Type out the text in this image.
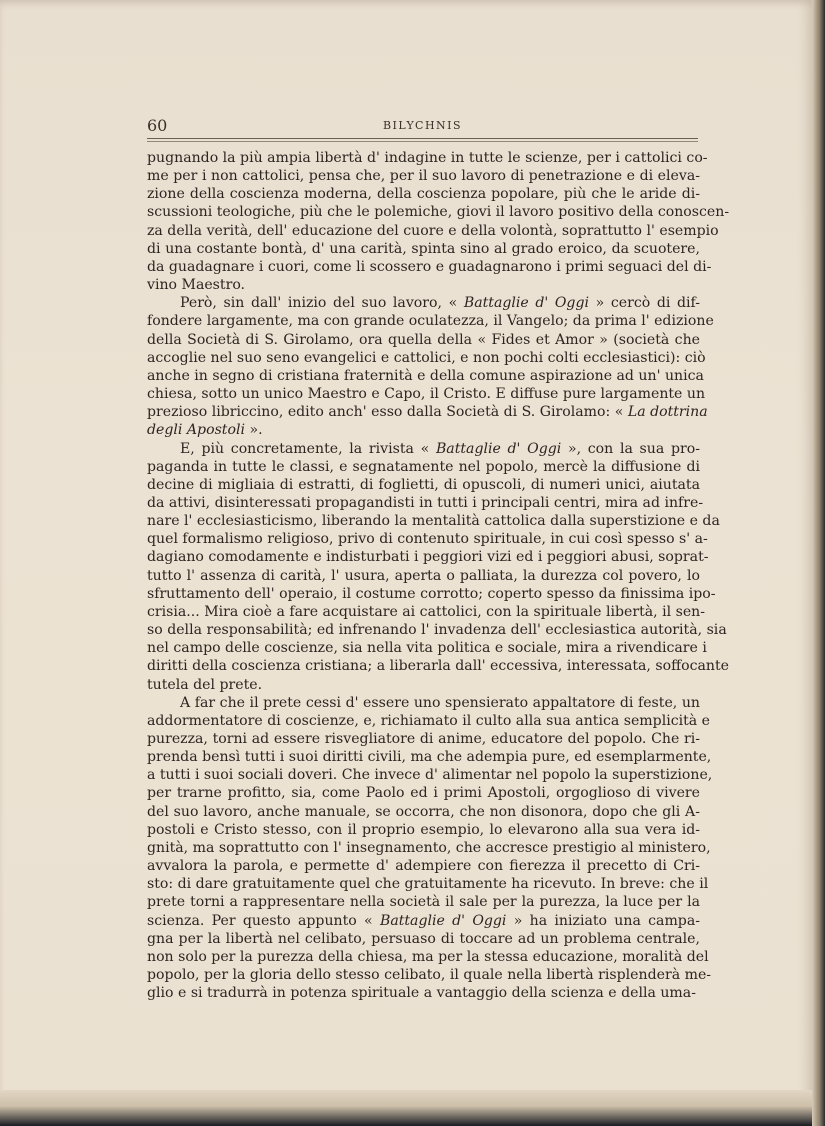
60	BILYCHNIS

pugnando la più ampia libertà d' indagine in tutte le scienze, per i cattolici co-
me per i non cattolici, pensa che, per il suo lavoro di penetrazione e di eleva-
zione della coscienza moderna, della coscienza popolare, più che le aride di-
scussioni teologiche, più che le polemiche, giovi il lavoro positivo della conoscen-
za della verità, dell' educazione del cuore e della volontà, soprattutto l' esempio
di una costante bontà, d' una carità, spinta sino al grado eroico, da scuotere,
da guadagnare i cuori, come li scossero e guadagnarono i primi seguaci del di-
vino Maestro.

Però, sin dall' inizio del suo lavoro, « Battaglie d' Oggi » cercò di dif-
fondere largamente, ma con grande oculatezza, il Vangelo; da prima l' edizione
della Società di S. Girolamo, ora quella della « Fides et Amor » (società che
accoglie nel suo seno evangelici e cattolici, e non pochi colti ecclesiastici): ciò
anche in segno di cristiana fraternità e della comune aspirazione ad un' unica
chiesa, sotto un unico Maestro e Capo, il Cristo. E diffuse pure largamente un
prezioso libriccino, edito anch' esso dalla Società di S. Girolamo: « La dottrina
degli Apostoli ».

E, più concretamente, la rivista « Battaglie d' Oggi », con la sua pro-
paganda in tutte le classi, e segnatamente nel popolo, mercè la diffusione di
decine di migliaia di estratti, di foglietti, di opuscoli, di numeri unici, aiutata
da attivi, disinteressati propagandisti in tutti i principali centri, mira ad infre-
nare l' ecclesiasticismo, liberando la mentalità cattolica dalla superstizione e da
quel formalismo religioso, privo di contenuto spirituale, in cui così spesso s' a-
dagiano comodamente e indisturbati i peggiori vizi ed i peggiori abusi, soprat-
tutto l' assenza di carità, l' usura, aperta o palliata, la durezza col povero, lo
sfruttamento dell' operaio, il costume corrotto; coperto spesso da finissima ipo-
crisia... Mira cioè a fare acquistare ai cattolici, con la spirituale libertà, il sen-
so della responsabilità; ed infrenando l' invadenza dell' ecclesiastica autorità, sia
nel campo delle coscienze, sia nella vita politica e sociale, mira a rivendicare i
diritti della coscienza cristiana; a liberarla dall' eccessiva, interessata, soffocante
tutela del prete.

A far che il prete cessi d' essere uno spensierato appaltatore di feste, un
addormentatore di coscienze, e, richiamato il culto alla sua antica semplicità e
purezza, torni ad essere risvegliatore di anime, educatore del popolo. Che ri-
prenda bensì tutti i suoi diritti civili, ma che adempia pure, ed esemplarmente,
a tutti i suoi sociali doveri. Che invece d' alimentar nel popolo la superstizione,
per trarne profitto, sia, come Paolo ed i primi Apostoli, orgoglioso di vivere
del suo lavoro, anche manuale, se occorra, che non disonora, dopo che gli A-
postoli e Cristo stesso, con il proprio esempio, lo elevarono alla sua vera id-
gnità, ma soprattutto con l' insegnamento, che accresce prestigio al ministero,
avvalora la parola, e permette d' adempiere con fierezza il precetto di Cri-
sto: di dare gratuitamente quel che gratuitamente ha ricevuto. In breve: che il
prete torni a rappresentare nella società il sale per la purezza, la luce per la
scienza. Per questo appunto « Battaglie d' Oggi » ha iniziato una campa-
gna per la libertà nel celibato, persuaso di toccare ad un problema centrale,
non solo per la purezza della chiesa, ma per la stessa educazione, moralità del
popolo, per la gloria dello stesso celibato, il quale nella libertà risplenderà me-
glio e si tradurrà in potenza spirituale a vantaggio della scienza e della uma-
